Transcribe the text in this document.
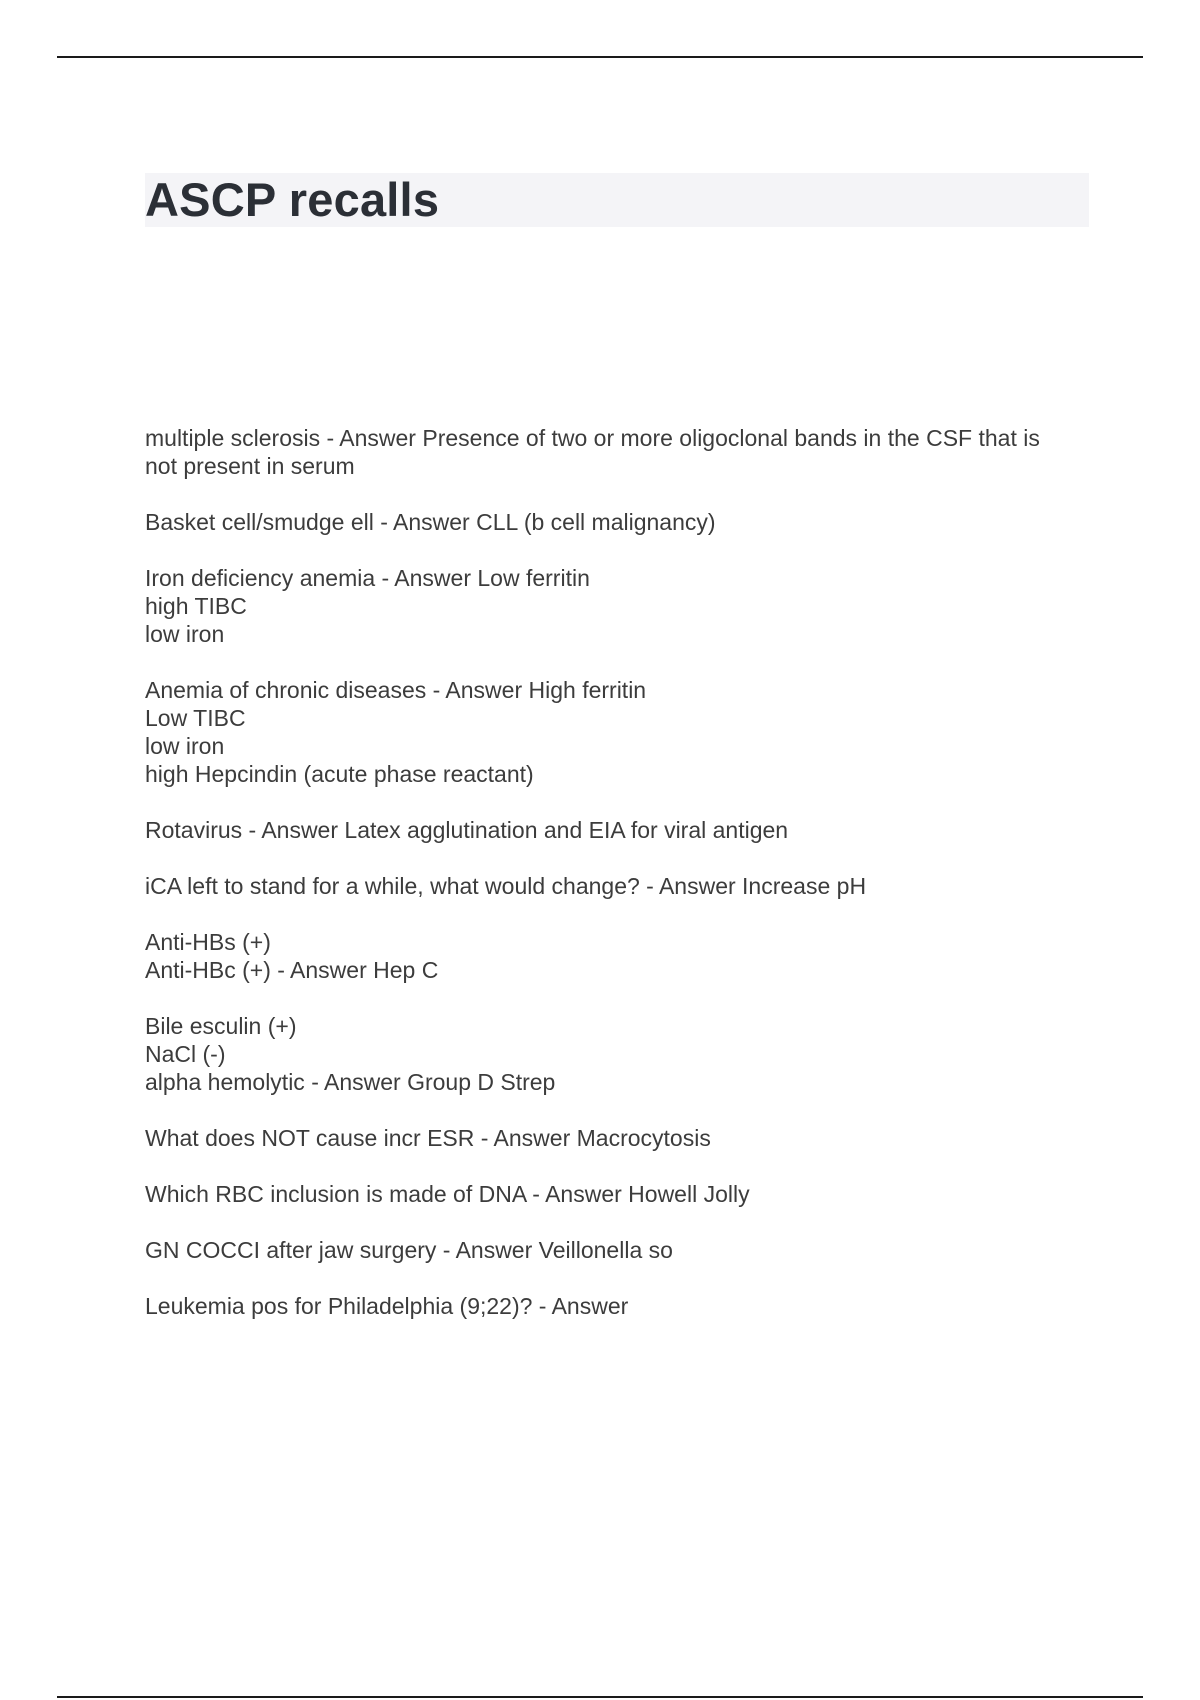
ASCP recalls
multiple sclerosis - Answer Presence of two or more oligoclonal bands in the CSF that is
not present in serum
Basket cell/smudge ell - Answer CLL (b cell malignancy)
Iron deficiency anemia - Answer Low ferritin
high TIBC
low iron
Anemia of chronic diseases - Answer High ferritin
Low TIBC
low iron
high Hepcindin (acute phase reactant)
Rotavirus - Answer Latex agglutination and EIA for viral antigen
iCA left to stand for a while, what would change? - Answer Increase pH
Anti-HBs (+)
Anti-HBc (+) - Answer Hep C
Bile esculin (+)
NaCl (-)
alpha hemolytic - Answer Group D Strep
What does NOT cause incr ESR - Answer Macrocytosis
Which RBC inclusion is made of DNA - Answer Howell Jolly
GN COCCI after jaw surgery - Answer Veillonella so
Leukemia pos for Philadelphia (9;22)? - Answer
